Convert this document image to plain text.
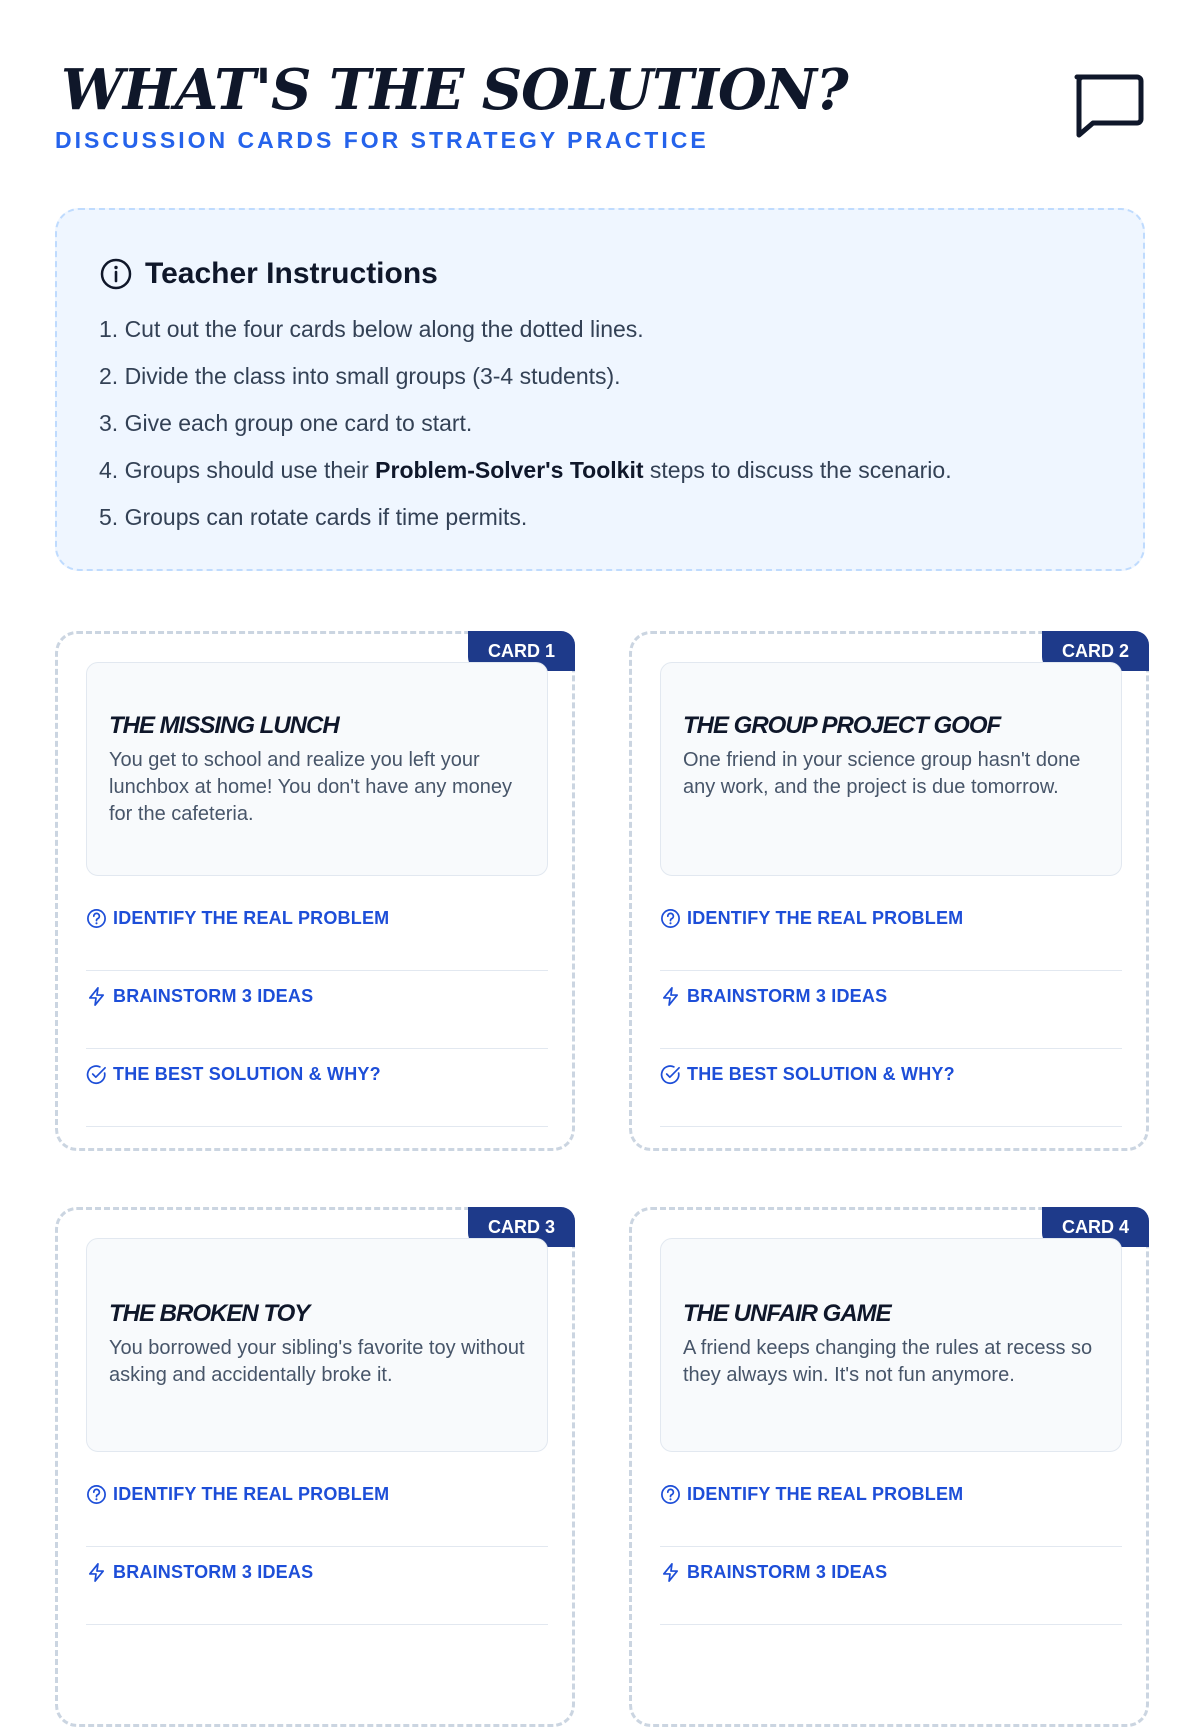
WHAT'S THE SOLUTION?
DISCUSSION CARDS FOR STRATEGY PRACTICE
Teacher Instructions
1. Cut out the four cards below along the dotted lines.
2. Divide the class into small groups (3-4 students).
3. Give each group one card to start.
4. Groups should use their Problem-Solver's Toolkit steps to discuss the scenario.
5. Groups can rotate cards if time permits.
CARD 1
THE MISSING LUNCH
You get to school and realize you left your lunchbox at home! You don't have any money for the cafeteria.
IDENTIFY THE REAL PROBLEM
BRAINSTORM 3 IDEAS
THE BEST SOLUTION & WHY?
CARD 2
THE GROUP PROJECT GOOF
One friend in your science group hasn't done any work, and the project is due tomorrow.
IDENTIFY THE REAL PROBLEM
BRAINSTORM 3 IDEAS
THE BEST SOLUTION & WHY?
CARD 3
THE BROKEN TOY
You borrowed your sibling's favorite toy without asking and accidentally broke it.
IDENTIFY THE REAL PROBLEM
BRAINSTORM 3 IDEAS
CARD 4
THE UNFAIR GAME
A friend keeps changing the rules at recess so they always win. It's not fun anymore.
IDENTIFY THE REAL PROBLEM
BRAINSTORM 3 IDEAS
